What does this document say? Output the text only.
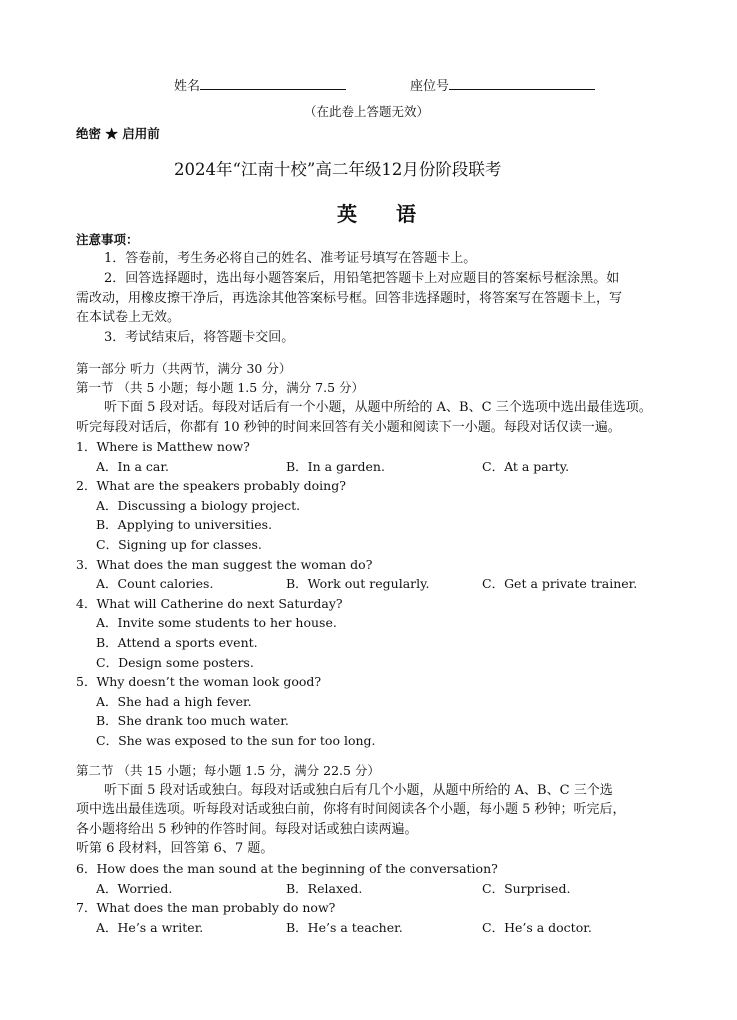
姓名	座位号
（在此卷上答题无效）
绝密 ★ 启用前
2024年“江南十校”高二年级12月份阶段联考
英 语
注意事项：
1．答卷前，考生务必将自己的姓名、准考证号填写在答题卡上。
2．回答选择题时，选出每小题答案后，用铅笔把答题卡上对应题目的答案标号框涂黑。如
需改动，用橡皮擦干净后，再选涂其他答案标号框。回答非选择题时，将答案写在答题卡上，写
在本试卷上无效。
3．考试结束后，将答题卡交回。
第一部分 听力（共两节，满分 30 分）
第一节 （共 5 小题；每小题 1.5 分，满分 7.5 分）
听下面 5 段对话。每段对话后有一个小题，从题中所给的 A、B、C 三个选项中选出最佳选项。
听完每段对话后，你都有 10 秒钟的时间来回答有关小题和阅读下一小题。每段对话仅读一遍。
1．Where is Matthew now?
A．In a car.	B．In a garden.	C．At a party.
2．What are the speakers probably doing?
A．Discussing a biology project.
B．Applying to universities.
C．Signing up for classes.
3．What does the man suggest the woman do?
A．Count calories.	B．Work out regularly.	C．Get a private trainer.
4．What will Catherine do next Saturday?
A．Invite some students to her house.
B．Attend a sports event.
C．Design some posters.
5．Why doesn’t the woman look good?
A．She had a high fever.
B．She drank too much water.
C．She was exposed to the sun for too long.
第二节 （共 15 小题；每小题 1.5 分，满分 22.5 分）
听下面 5 段对话或独白。每段对话或独白后有几个小题，从题中所给的 A、B、C 三个选
项中选出最佳选项。听每段对话或独白前，你将有时间阅读各个小题，每小题 5 秒钟；听完后，
各小题将给出 5 秒钟的作答时间。每段对话或独白读两遍。
听第 6 段材料，回答第 6、7 题。
6．How does the man sound at the beginning of the conversation?
A．Worried.	B．Relaxed.	C．Surprised.
7．What does the man probably do now?
A．He’s a writer.	B．He’s a teacher.	C．He’s a doctor.
